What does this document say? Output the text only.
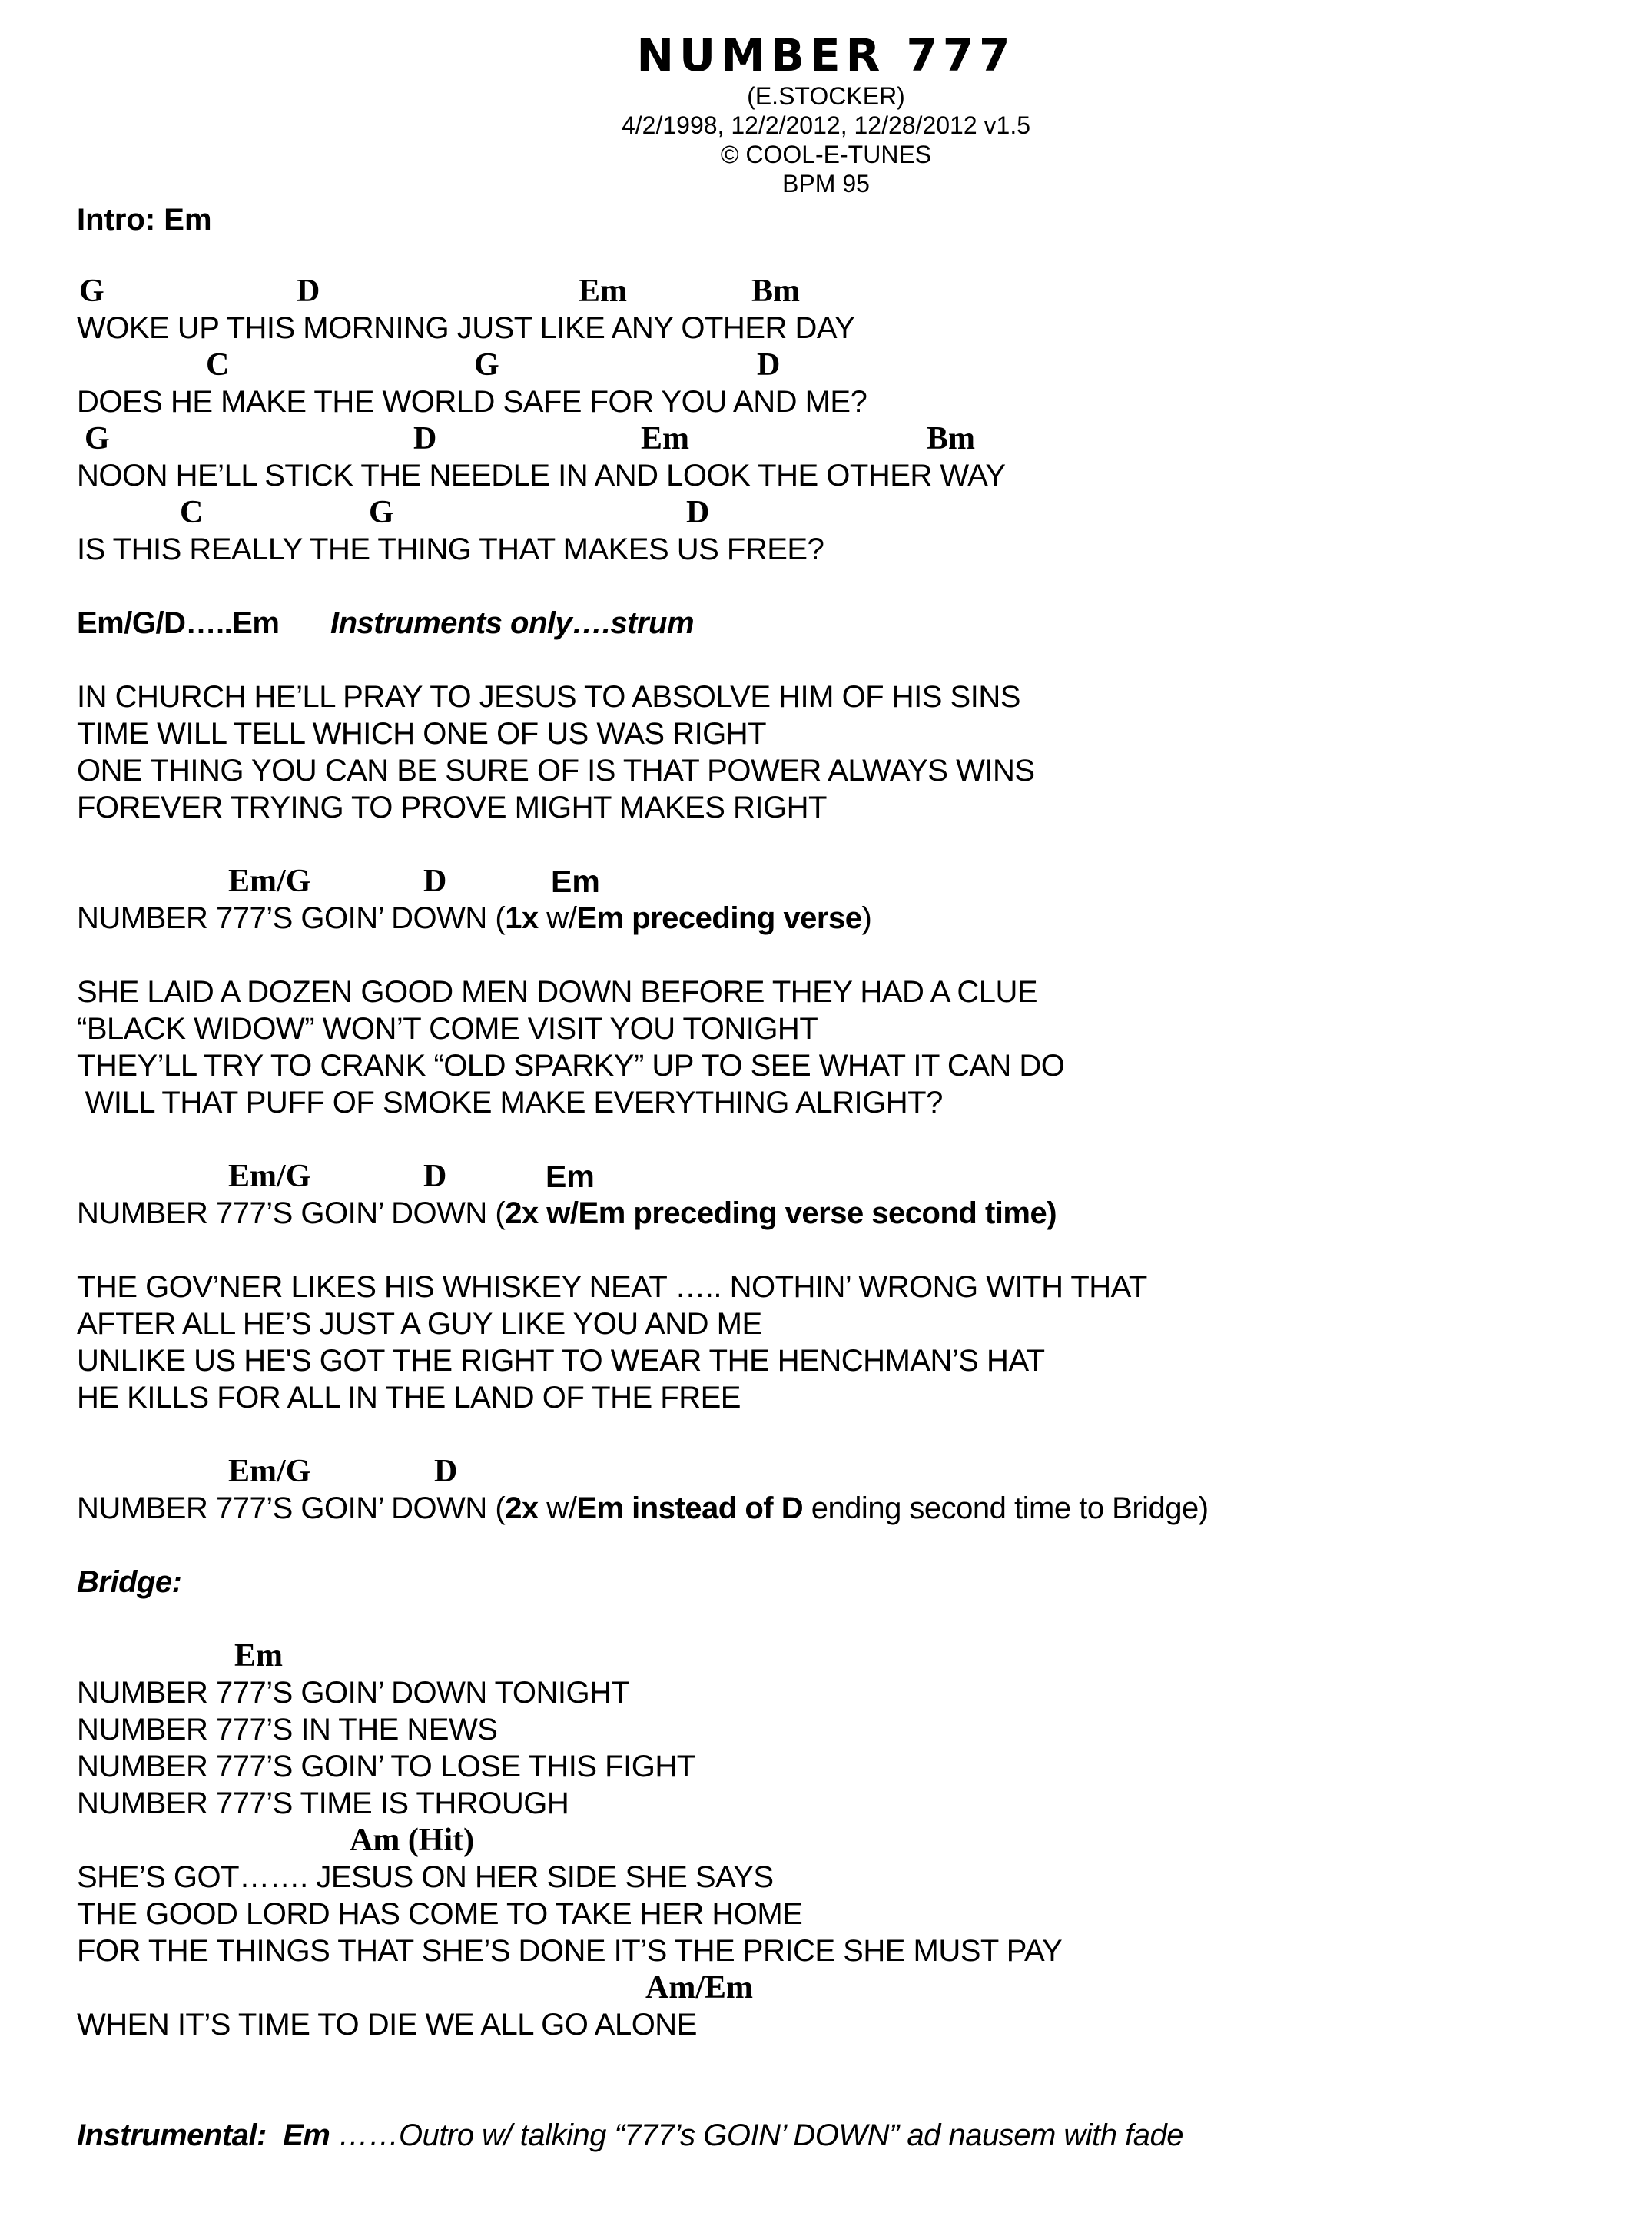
NUMBER 777
(E.STOCKER)
4/2/1998, 12/2/2012, 12/28/2012 v1.5
© COOL-E-TUNES
BPM 95
Intro: Em
G	D	Em	Bm
WOKE UP THIS MORNING JUST LIKE ANY OTHER DAY
C	G	D
DOES HE MAKE THE WORLD SAFE FOR YOU AND ME?
G	D	Em	Bm
NOON HE’LL STICK THE NEEDLE IN AND LOOK THE OTHER WAY
C	G	D
IS THIS REALLY THE THING THAT MAKES US FREE?
Em/G/D…..Em Instruments only….strum
IN CHURCH HE’LL PRAY TO JESUS TO ABSOLVE HIM OF HIS SINS
TIME WILL TELL WHICH ONE OF US WAS RIGHT
ONE THING YOU CAN BE SURE OF IS THAT POWER ALWAYS WINS
FOREVER TRYING TO PROVE MIGHT MAKES RIGHT
Em/G	D	Em
NUMBER 777’S GOIN’ DOWN (1x w/Em preceding verse)
SHE LAID A DOZEN GOOD MEN DOWN BEFORE THEY HAD A CLUE
“BLACK WIDOW” WON’T COME VISIT YOU TONIGHT
THEY’LL TRY TO CRANK “OLD SPARKY” UP TO SEE WHAT IT CAN DO
WILL THAT PUFF OF SMOKE MAKE EVERYTHING ALRIGHT?
Em/G	D	Em
NUMBER 777’S GOIN’ DOWN (2x w/Em preceding verse second time)
THE GOV’NER LIKES HIS WHISKEY NEAT ….. NOTHIN’ WRONG WITH THAT
AFTER ALL HE’S JUST A GUY LIKE YOU AND ME
UNLIKE US HE'S GOT THE RIGHT TO WEAR THE HENCHMAN’S HAT
HE KILLS FOR ALL IN THE LAND OF THE FREE
Em/G	D
NUMBER 777’S GOIN’ DOWN (2x w/Em instead of D ending second time to Bridge)
Bridge:
Em
NUMBER 777’S GOIN’ DOWN TONIGHT
NUMBER 777’S IN THE NEWS
NUMBER 777’S GOIN’ TO LOSE THIS FIGHT
NUMBER 777’S TIME IS THROUGH
Am (Hit)
SHE’S GOT……. JESUS ON HER SIDE SHE SAYS
THE GOOD LORD HAS COME TO TAKE HER HOME
FOR THE THINGS THAT SHE’S DONE IT’S THE PRICE SHE MUST PAY
Am/Em
WHEN IT’S TIME TO DIE WE ALL GO ALONE
Instrumental:  Em ……Outro w/ talking “777’s GOIN’ DOWN” ad nausem with fade
